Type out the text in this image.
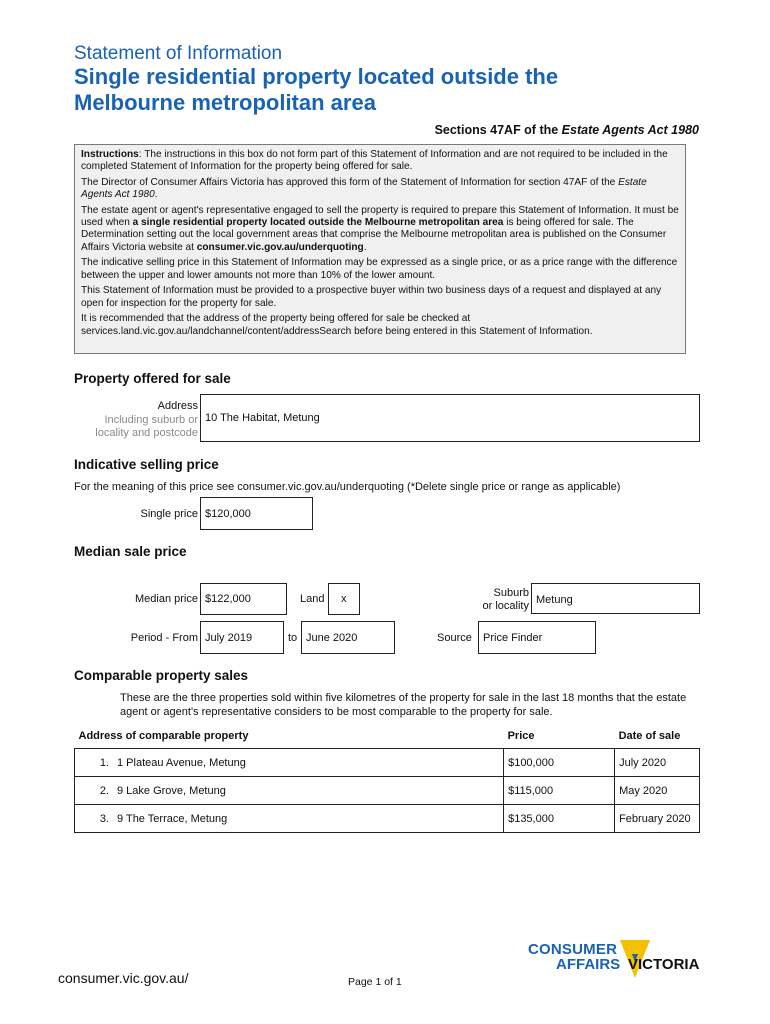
Statement of Information
Single residential property located outside the
Melbourne metropolitan area
Sections 47AF of the Estate Agents Act 1980

Instructions: The instructions in this box do not form part of this Statement of Information and are not required to be included in the completed Statement of Information for the property being offered for sale.

The Director of Consumer Affairs Victoria has approved this form of the Statement of Information for section 47AF of the Estate Agents Act 1980.

The estate agent or agent's representative engaged to sell the property is required to prepare this Statement of Information. It must be used when a single residential property located outside the Melbourne metropolitan area is being offered for sale. The Determination setting out the local government areas that comprise the Melbourne metropolitan area is published on the Consumer Affairs Victoria website at consumer.vic.gov.au/underquoting.

The indicative selling price in this Statement of Information may be expressed as a single price, or as a price range with the difference between the upper and lower amounts not more than 10% of the lower amount.

This Statement of Information must be provided to a prospective buyer within two business days of a request and displayed at any open for inspection for the property for sale.

It is recommended that the address of the property being offered for sale be checked at services.land.vic.gov.au/landchannel/content/addressSearch before being entered in this Statement of Information.

Property offered for sale
Address
Including suburb or
locality and postcode
10 The Habitat, Metung
Indicative selling price
For the meaning of this price see consumer.vic.gov.au/underquoting (*Delete single price or range as applicable)
Single price $120,000
Median sale price
Median price $122,000	Land x	Suburb
or locality Metung
Period - From July 2019	to June 2020	Source Price Finder
Comparable property sales
These are the three properties sold within five kilometres of the property for sale in the last 18 months that the estate agent or agent's representative considers to be most comparable to the property for sale.
Address of comparable property		Price	Date of sale
1.	1 Plateau Avenue, Metung	$100,000	July 2020
2.	9 Lake Grove, Metung	$115,000	May 2020
3.	9 The Terrace, Metung	$135,000	February 2020
consumer.vic.gov.au/	Page 1 of 1
CONSUMER
AFFAIRS VICTORIA
